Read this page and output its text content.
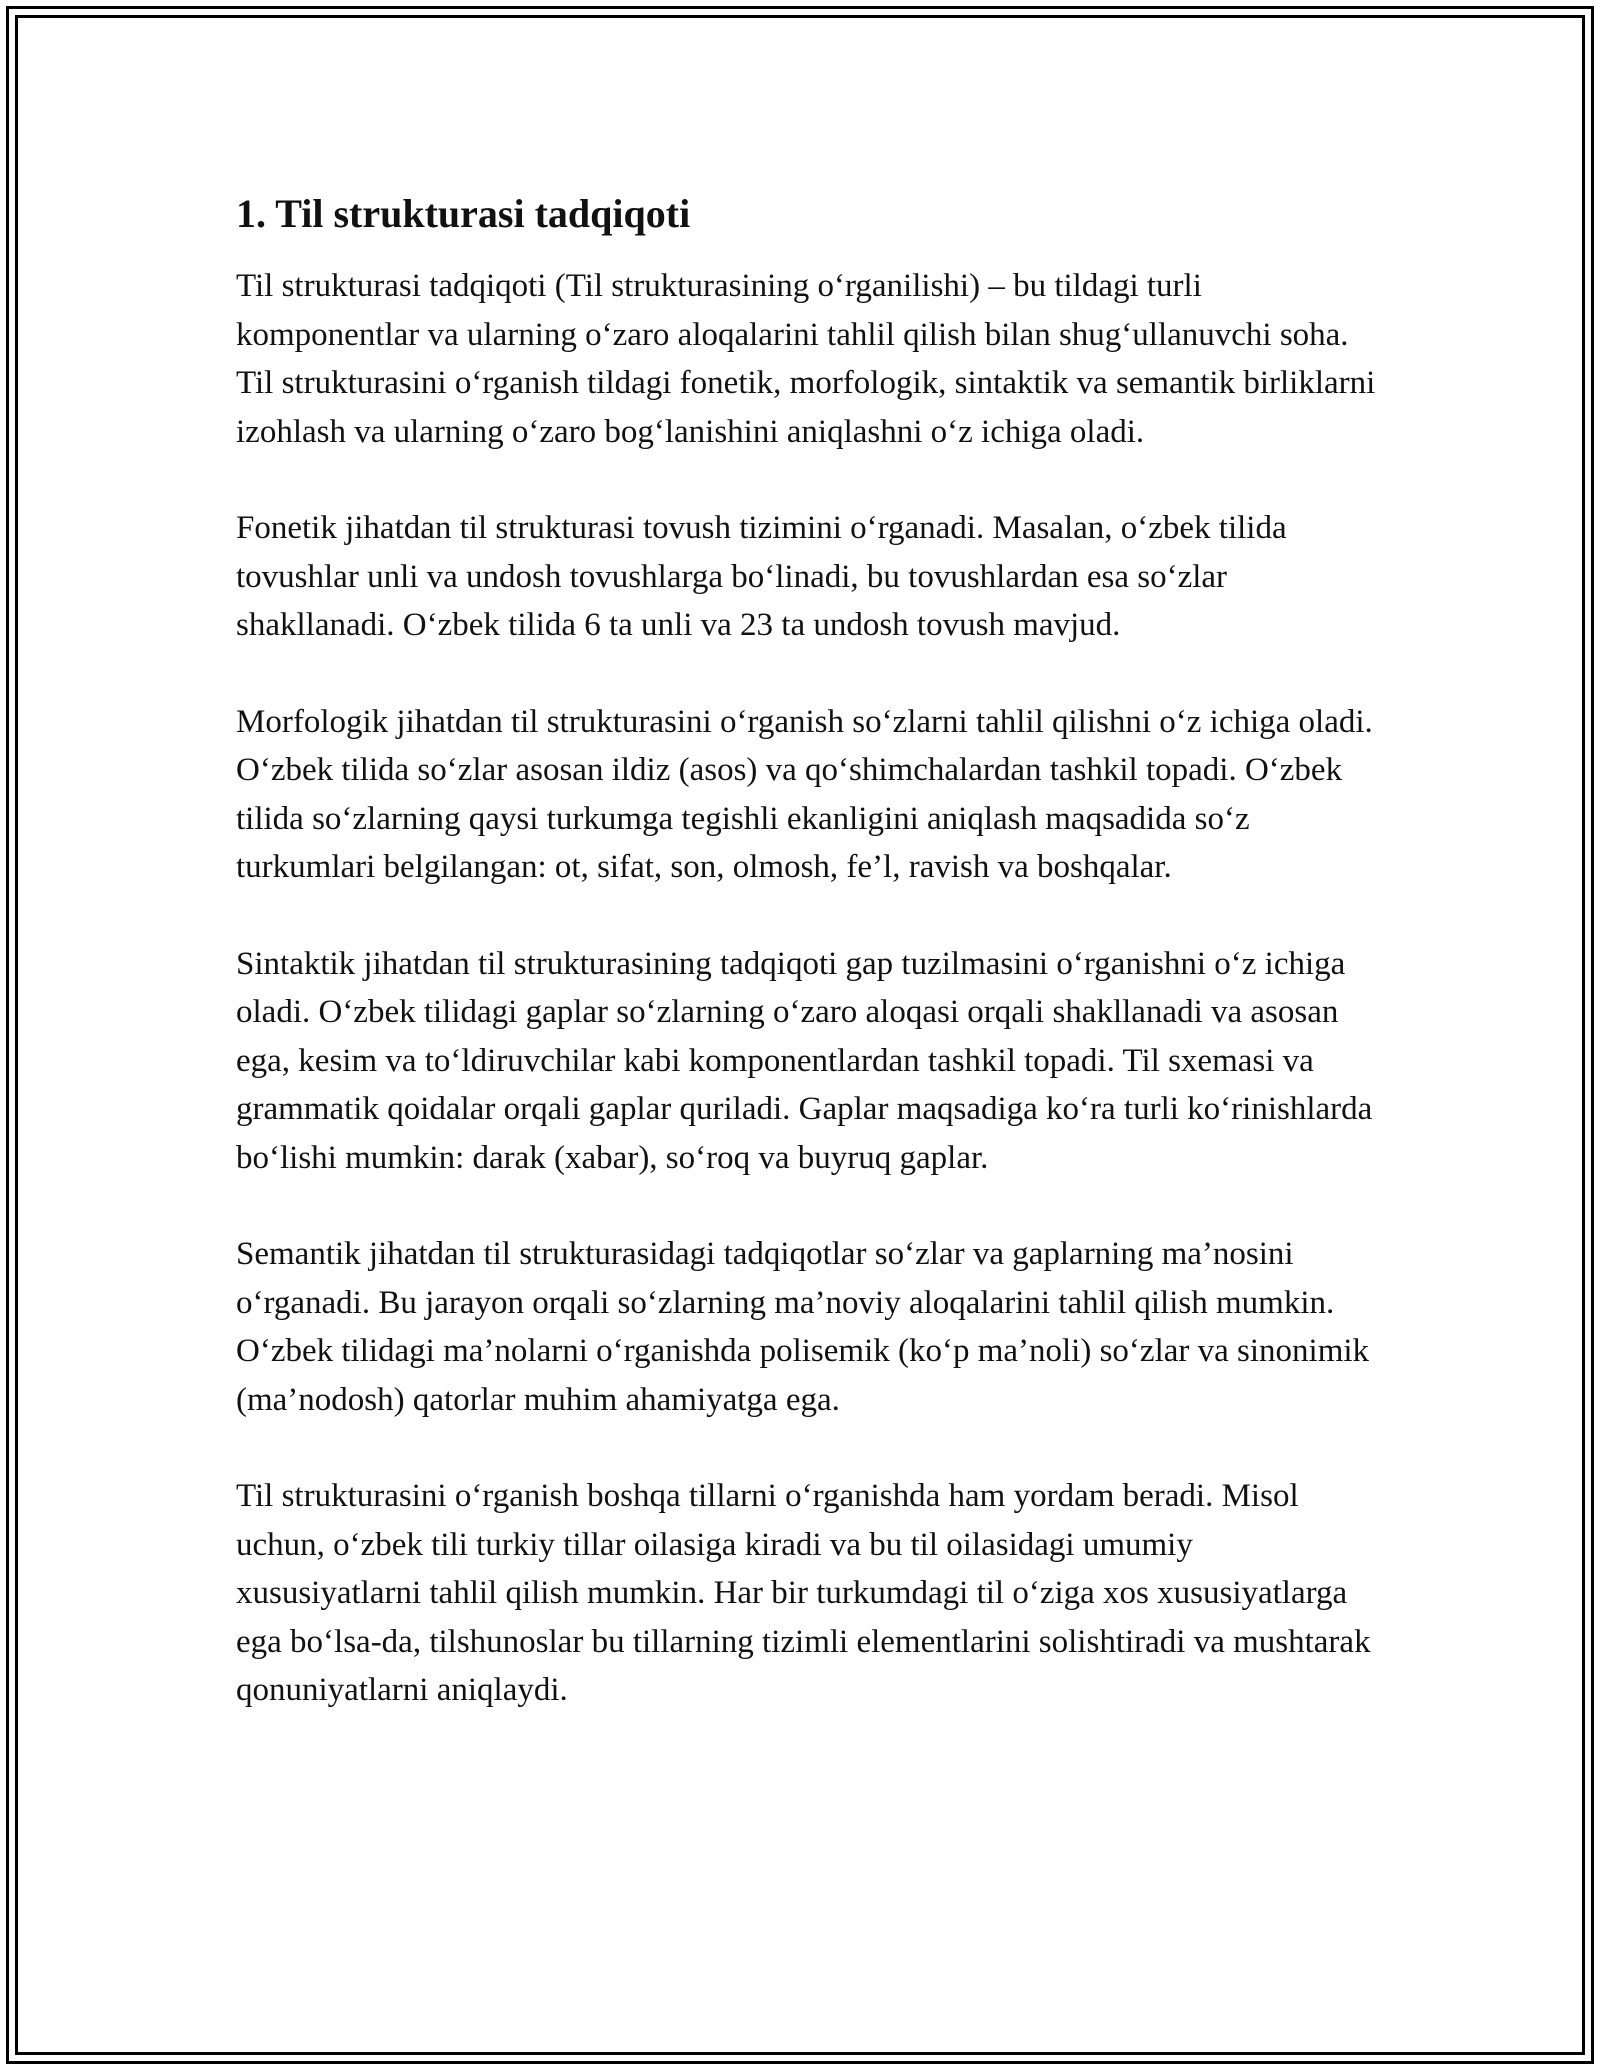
1. Til strukturasi tadqiqoti

Til strukturasi tadqiqoti (Til strukturasining o‘rganilishi) – bu tildagi turli komponentlar va ularning o‘zaro aloqalarini tahlil qilish bilan shug‘ullanuvchi soha. Til strukturasini o‘rganish tildagi fonetik, morfologik, sintaktik va semantik birliklarni izohlash va ularning o‘zaro bog‘lanishini aniqlashni o‘z ichiga oladi.

Fonetik jihatdan til strukturasi tovush tizimini o‘rganadi. Masalan, o‘zbek tilida tovushlar unli va undosh tovushlarga bo‘linadi, bu tovushlardan esa so‘zlar shakllanadi. O‘zbek tilida 6 ta unli va 23 ta undosh tovush mavjud.

Morfologik jihatdan til strukturasini o‘rganish so‘zlarni tahlil qilishni o‘z ichiga oladi. O‘zbek tilida so‘zlar asosan ildiz (asos) va qo‘shimchalardan tashkil topadi. O‘zbek tilida so‘zlarning qaysi turkumga tegishli ekanligini aniqlash maqsadida so‘z turkumlari belgilangan: ot, sifat, son, olmosh, fe’l, ravish va boshqalar.

Sintaktik jihatdan til strukturasining tadqiqoti gap tuzilmasini o‘rganishni o‘z ichiga oladi. O‘zbek tilidagi gaplar so‘zlarning o‘zaro aloqasi orqali shakllanadi va asosan ega, kesim va to‘ldiruvchilar kabi komponentlardan tashkil topadi. Til sxemasi va grammatik qoidalar orqali gaplar quriladi. Gaplar maqsadiga ko‘ra turli ko‘rinishlarda bo‘lishi mumkin: darak (xabar), so‘roq va buyruq gaplar.

Semantik jihatdan til strukturasidagi tadqiqotlar so‘zlar va gaplarning ma’nosini o‘rganadi. Bu jarayon orqali so‘zlarning ma’noviy aloqalarini tahlil qilish mumkin. O‘zbek tilidagi ma’nolarni o‘rganishda polisemik (ko‘p ma’noli) so‘zlar va sinonimik (ma’nodosh) qatorlar muhim ahamiyatga ega.

Til strukturasini o‘rganish boshqa tillarni o‘rganishda ham yordam beradi. Misol uchun, o‘zbek tili turkiy tillar oilasiga kiradi va bu til oilasidagi umumiy xususiyatlarni tahlil qilish mumkin. Har bir turkumdagi til o‘ziga xos xususiyatlarga ega bo‘lsa-da, tilshunoslar bu tillarning tizimli elementlarini solishtiradi va mushtarak qonuniyatlarni aniqlaydi.
